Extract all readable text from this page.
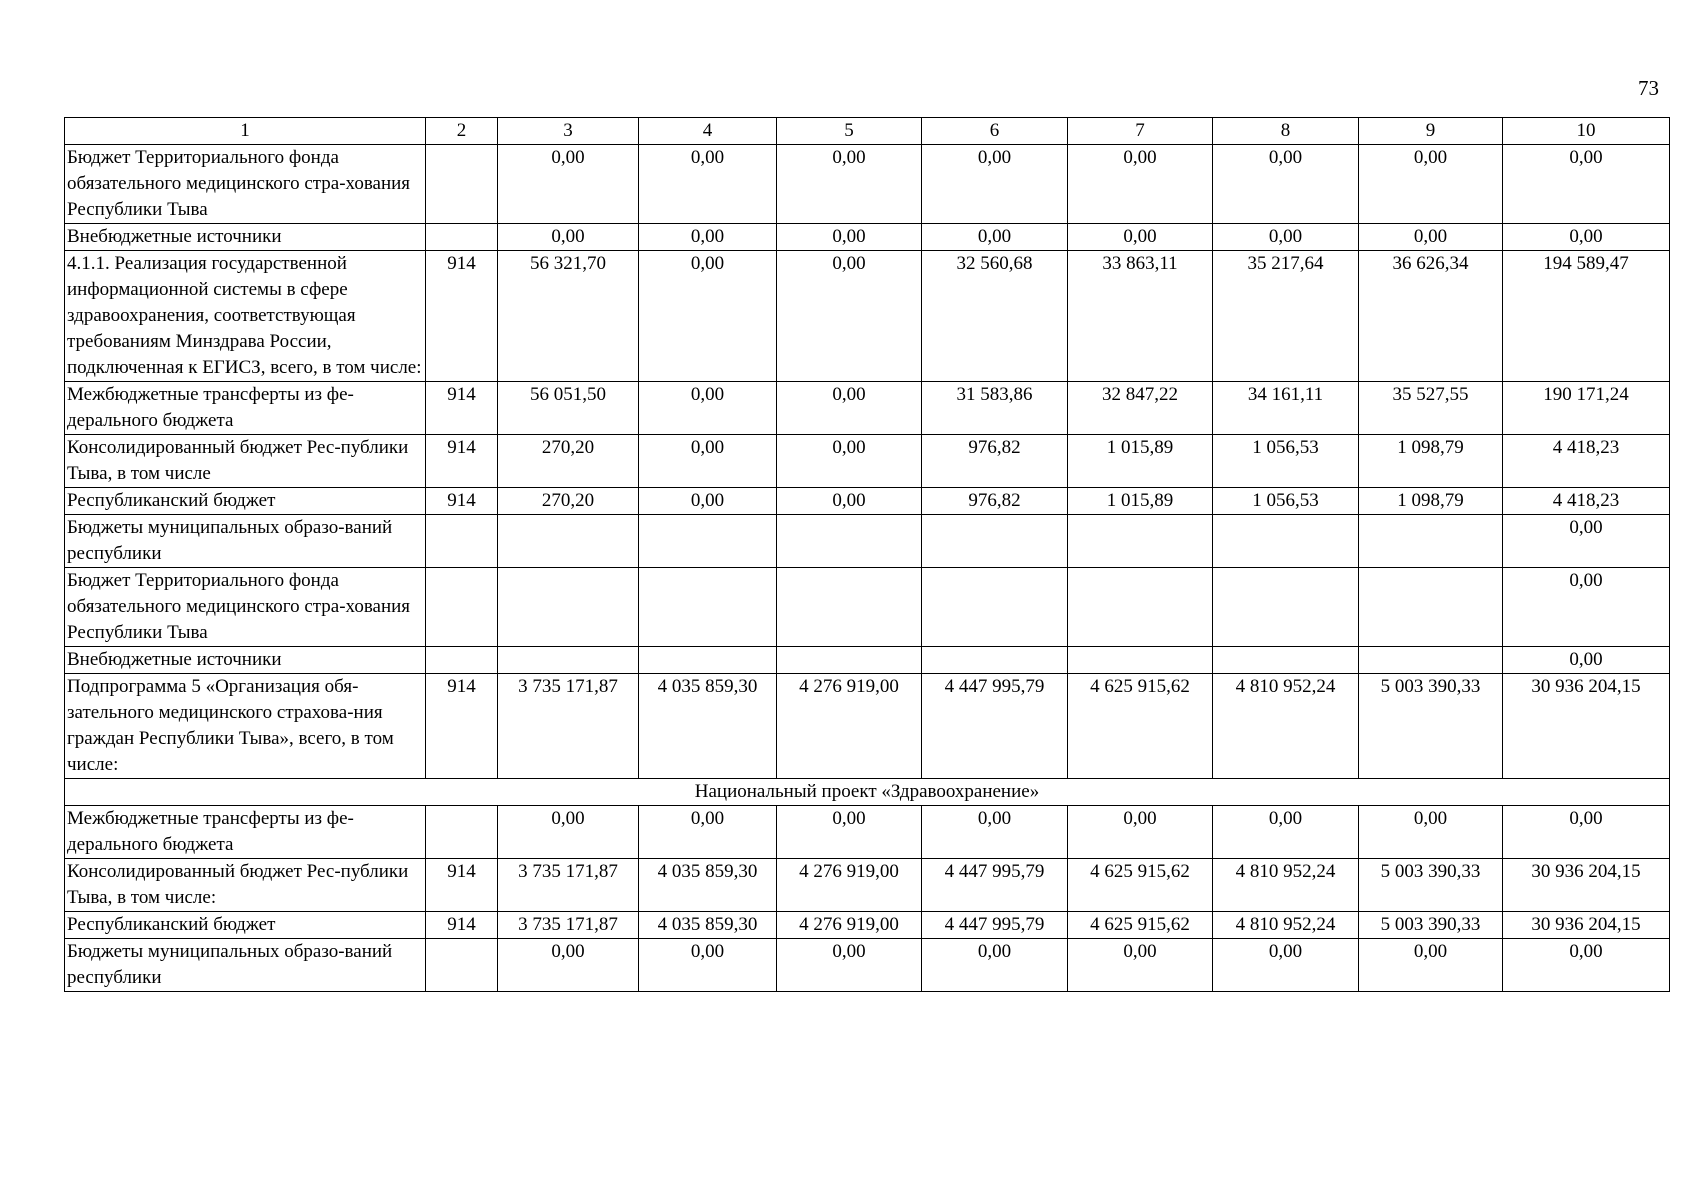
73
1	2	3	4	5	6	7	8	9	10
Бюджет Территориального фонда обязательного медицинского стра-хования Республики Тыва		0,00	0,00	0,00	0,00	0,00	0,00	0,00	0,00
Внебюджетные источники		0,00	0,00	0,00	0,00	0,00	0,00	0,00	0,00
4.1.1. Реализация государственной информационной системы в сфере здравоохранения, соответствующая требованиям Минздрава России, подключенная к ЕГИСЗ, всего, в том числе:	914	56 321,70	0,00	0,00	32 560,68	33 863,11	35 217,64	36 626,34	194 589,47
Межбюджетные трансферты из фе-дерального бюджета	914	56 051,50	0,00	0,00	31 583,86	32 847,22	34 161,11	35 527,55	190 171,24
Консолидированный бюджет Рес-публики Тыва, в том числе	914	270,20	0,00	0,00	976,82	1 015,89	1 056,53	1 098,79	4 418,23
Республиканский бюджет	914	270,20	0,00	0,00	976,82	1 015,89	1 056,53	1 098,79	4 418,23
Бюджеты муниципальных образо-ваний республики									0,00
Бюджет Территориального фонда обязательного медицинского стра-хования Республики Тыва									0,00
Внебюджетные источники									0,00
Подпрограмма 5 «Организация обя-зательного медицинского страхова-ния граждан Республики Тыва», всего, в том числе:	914	3 735 171,87	4 035 859,30	4 276 919,00	4 447 995,79	4 625 915,62	4 810 952,24	5 003 390,33	30 936 204,15
Национальный проект «Здравоохранение»									
Межбюджетные трансферты из фе-дерального бюджета		0,00	0,00	0,00	0,00	0,00	0,00	0,00	0,00
Консолидированный бюджет Рес-публики Тыва, в том числе:	914	3 735 171,87	4 035 859,30	4 276 919,00	4 447 995,79	4 625 915,62	4 810 952,24	5 003 390,33	30 936 204,15
Республиканский бюджет	914	3 735 171,87	4 035 859,30	4 276 919,00	4 447 995,79	4 625 915,62	4 810 952,24	5 003 390,33	30 936 204,15
Бюджеты муниципальных образо-ваний республики		0,00	0,00	0,00	0,00	0,00	0,00	0,00	0,00
